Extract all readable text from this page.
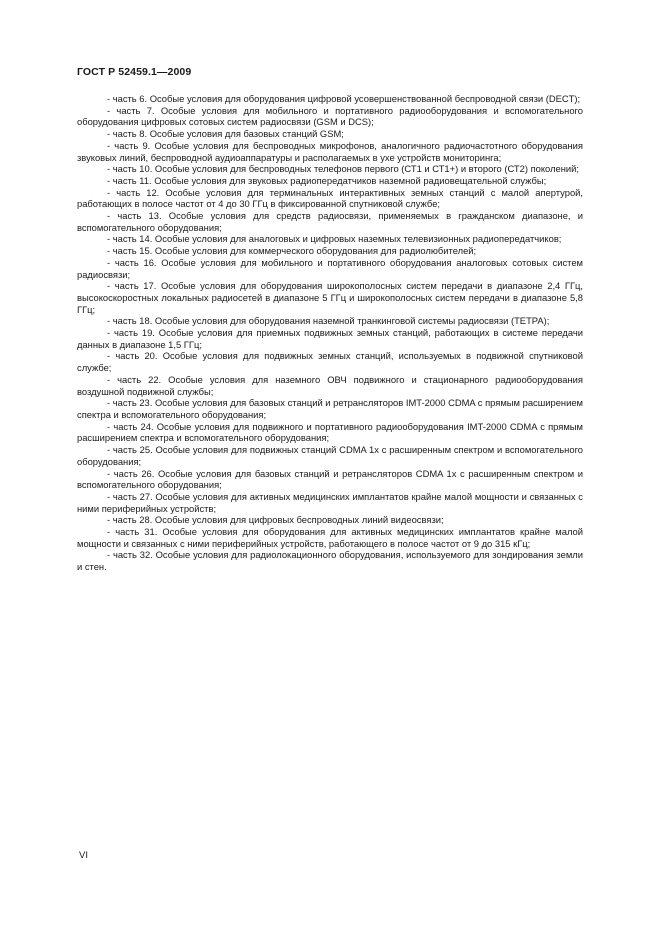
ГОСТ Р 52459.1—2009

- часть 6. Особые условия для оборудования цифровой усовершенствованной беспроводной связи (DECT);

- часть 7. Особые условия для мобильного и портативного радиооборудования и вспомогательного оборудования цифровых сотовых систем радиосвязи (GSM и DCS);

- часть 8. Особые условия для базовых станций GSM;

- часть 9. Особые условия для беспроводных микрофонов, аналогичного радиочастотного оборудования звуковых линий, беспроводной аудиоаппаратуры и располагаемых в ухе устройств мониторинга;

- часть 10. Особые условия для беспроводных телефонов первого (СТ1 и СТ1+) и второго (СТ2) поколений;

- часть 11. Особые условия для звуковых радиопередатчиков наземной радиовещательной службы;

- часть 12. Особые условия для терминальных интерактивных земных станций с малой апертурой, работающих в полосе частот от 4 до 30 ГГц в фиксированной спутниковой службе;

- часть 13. Особые условия для средств радиосвязи, применяемых в гражданском диапазоне, и вспомогательного оборудования;

- часть 14. Особые условия для аналоговых и цифровых наземных телевизионных радиопередатчиков;

- часть 15. Особые условия для коммерческого оборудования для радиолюбителей;

- часть 16. Особые условия для мобильного и портативного оборудования аналоговых сотовых систем радиосвязи;

- часть 17. Особые условия для оборудования широкополосных систем передачи в диапазоне 2,4 ГГц, высокоскоростных локальных радиосетей в диапазоне 5 ГГц и широкополосных систем передачи в диапазоне 5,8 ГГц;

- часть 18. Особые условия для оборудования наземной транкинговой системы радиосвязи (ТЕТРА);

- часть 19. Особые условия для приемных подвижных земных станций, работающих в системе передачи данных в диапазоне 1,5 ГГц;

- часть 20. Особые условия для подвижных земных станций, используемых в подвижной спутниковой службе;

- часть 22. Особые условия для наземного ОВЧ подвижного и стационарного радиооборудования воздушной подвижной службы;

- часть 23. Особые условия для базовых станций и ретрансляторов IMT-2000 CDMA с прямым расширением спектра и вспомогательного оборудования;

- часть 24. Особые условия для подвижного и портативного радиооборудования IMT-2000 CDMA с прямым расширением спектра и вспомогательного оборудования;

- часть 25. Особые условия для подвижных станций CDMA 1x с расширенным спектром и вспомогательного оборудования;

- часть 26. Особые условия для базовых станций и ретрансляторов CDMA 1x с расширенным спектром и вспомогательного оборудования;

- часть 27. Особые условия для активных медицинских имплантатов крайне малой мощности и связанных с ними периферийных устройств;

- часть 28. Особые условия для цифровых беспроводных линий видеосвязи;

- часть 31. Особые условия для оборудования для активных медицинских имплантатов крайне малой мощности и связанных с ними периферийных устройств, работающего в полосе частот от 9 до 315 кГц;

- часть 32. Особые условия для радиолокационного оборудования, используемого для зондирования земли и стен.

VI
